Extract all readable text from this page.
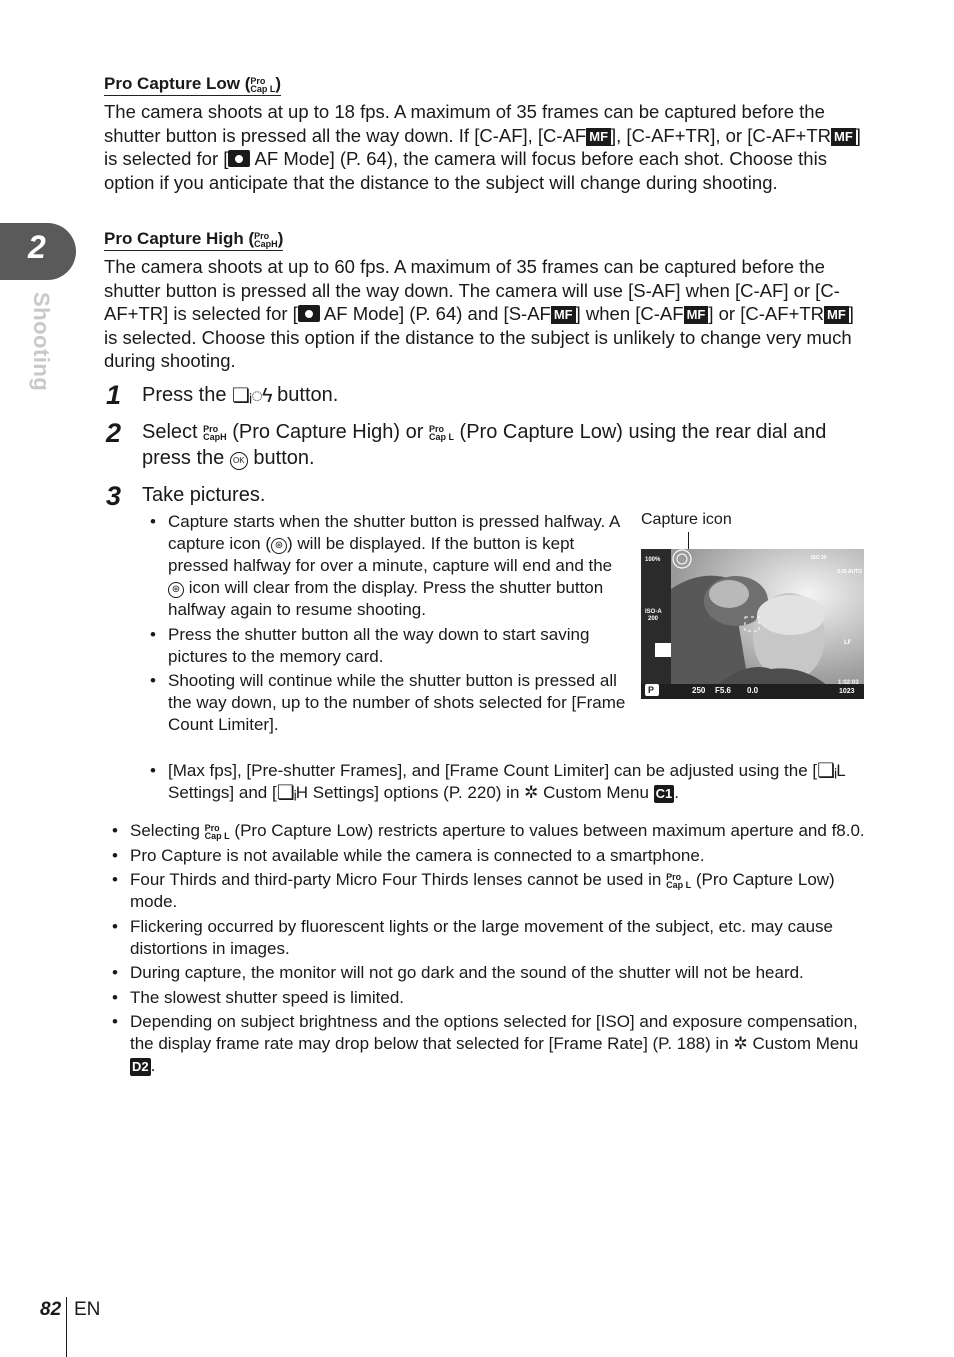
2
Shooting
Pro Capture Low (Pro
Cap L)

The camera shoots at up to 18 fps. A maximum of 35 frames can be captured before the shutter button is pressed all the way down. If [C-AF], [C-AF MF ], [C-AF+TR], or [C-AF+TR MF ] is selected for [ AF Mode] (P. 64), the camera will focus before each shot. Choose this option if you anticipate that the distance to the subject will change during shooting.

Pro Capture High (Pro
CapH)

The camera shoots at up to 60 fps. A maximum of 35 frames can be captured before the shutter button is pressed all the way down. The camera will use [S-AF] when [C-AF] or [C-AF+TR] is selected for [ AF Mode] (P. 64) and [S-AF MF ] when [C-AF MF ] or [C-AF+TR MF ] is selected. Choose this option if the distance to the subject is unlikely to change very much during shooting.

1 Press the ❏ᵢ◌ϟ button.

2 Select Pro
CapH (Pro Capture High) or Pro
Cap L (Pro Capture Low) using the rear dial and press the OK button.

3 Take pictures.

• Capture starts when the shutter button is pressed halfway. A capture icon ( ⊛ ) will be displayed. If the button is kept pressed halfway for over a minute, capture will end and the ⊛ icon will clear from the display. Press the shutter button halfway again to resume shooting.
• Press the shutter button all the way down to start saving pictures to the memory card.
• Shooting will continue while the shutter button is pressed all the way down, up to the number of shots selected for [Frame Count Limiter].
• [Max fps], [Pre-shutter Frames], and [Frame Count Limiter] can be adjusted using the [❏ᵢL Settings] and [❏ᵢH Settings] options (P. 220) in ✲ Custom Menu C1 .
Capture icon
100%
ISO-A
200
ISO 30
S-IS AUTO
LF
P	250 F5.6 0.0
1:02:03
1023
• Selecting Pro
Cap L (Pro Capture Low) restricts aperture to values between maximum aperture and f8.0.
• Pro Capture is not available while the camera is connected to a smartphone.
• Four Thirds and third-party Micro Four Thirds lenses cannot be used in Pro
Cap L (Pro Capture Low) mode.
• Flickering occurred by fluorescent lights or the large movement of the subject, etc. may cause distortions in images.
• During capture, the monitor will not go dark and the sound of the shutter will not be heard.
• The slowest shutter speed is limited.
• Depending on subject brightness and the options selected for [ISO] and exposure compensation, the display frame rate may drop below that selected for [Frame Rate] (P. 188) in ✲ Custom Menu D2 .
82 EN
